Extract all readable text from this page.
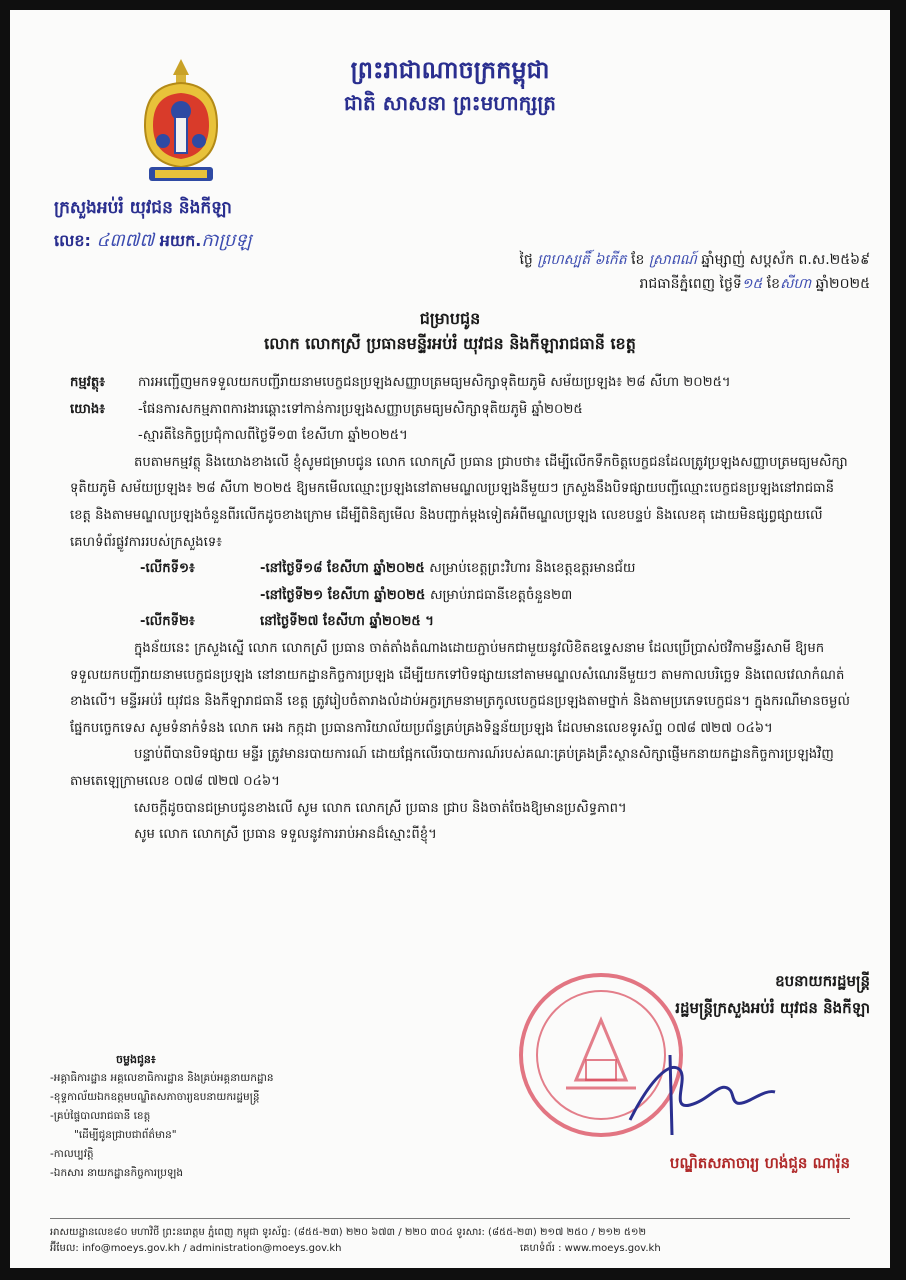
ព្រះរាជាណាចក្រកម្ពុជា
ជាតិ សាសនា ព្រះមហាក្សត្រ
ក្រសួងអប់រំ យុវជន និងកីឡា
លេខ: ៤៣៧៧ អយក.កាប្រឡ
ថ្ងៃ ព្រហស្បតិ៍ ៦កើត ខែ ស្រាពណ៍ ឆ្នាំម្សាញ់ សប្តស័ក ព.ស.២៥៦៩
រាជធានីភ្នំពេញ ថ្ងៃទី១៥ ខែសីហា ឆ្នាំ២០២៥
ជម្រាបជូន
លោក លោកស្រី ប្រធានមន្ទីរអប់រំ យុវជន និងកីឡារាជធានី ខេត្ត
កម្មវត្ថុ៖	ការអញ្ជើញមកទទួលយកបញ្ជីរាយនាមបេក្ខជនប្រឡងសញ្ញាបត្រមធ្យមសិក្សាទុតិយភូមិ សម័យប្រឡង៖ ២៨ សីហា ២០២៥។
យោង៖	-ផែនការសកម្មភាពការងារឆ្ពោះទៅកាន់ការប្រឡងសញ្ញាបត្រមធ្យមសិក្សាទុតិយភូមិ ឆ្នាំ២០២៥
-ស្មារតីនៃកិច្ចប្រជុំកាលពីថ្ងៃទី១៣ ខែសីហា ឆ្នាំ២០២៥។

តបតាមកម្មវត្ថុ និងយោងខាងលើ ខ្ញុំសូមជម្រាបជូន លោក លោកស្រី ប្រធាន ជ្រាបថា៖ ដើម្បីលើកទឹកចិត្តបេក្ខជនដែលត្រូវប្រឡងសញ្ញាបត្រមធ្យមសិក្សាទុតិយភូមិ សម័យប្រឡង៖ ២៨ សីហា ២០២៥ ឱ្យមកមើលឈ្មោះប្រឡងនៅតាមមណ្ឌលប្រឡងនីមួយៗ ក្រសួងនឹងបិទផ្សាយបញ្ជីឈ្មោះបេក្ខជនប្រឡងនៅរាជធានី ខេត្ត និងតាមមណ្ឌលប្រឡងចំនួនពីរលើកដូចខាងក្រោម ដើម្បីពិនិត្យមើល និងបញ្ជាក់ម្តងទៀតអំពីមណ្ឌលប្រឡង លេខបន្ទប់ និងលេខតុ ដោយមិនផ្សព្វផ្សាយលើគេហទំព័រផ្លូវការរបស់ក្រសួងទេ៖

-លើកទី១៖	-នៅថ្ងៃទី១៨ ខែសីហា ឆ្នាំ២០២៥ សម្រាប់ខេត្តព្រះវិហារ និងខេត្តឧត្តរមានជ័យ
-នៅថ្ងៃទី២១ ខែសីហា ឆ្នាំ២០២៥ សម្រាប់រាជធានីខេត្តចំនួន២៣
-លើកទី២៖	នៅថ្ងៃទី២៧ ខែសីហា ឆ្នាំ២០២៥ ។

ក្នុងន័យនេះ ក្រសួងស្នើ លោក លោកស្រី ប្រធាន ចាត់តាំងតំណាងដោយភ្ជាប់មកជាមួយនូវលិខិតឧទ្ទេសនាម ដែលប្រើប្រាស់ថវិកាមន្ទីរសាមី ឱ្យមកទទួលយកបញ្ជីរាយនាមបេក្ខជនប្រឡង នៅនាយកដ្ឋានកិច្ចការប្រឡង ដើម្បីយកទៅបិទផ្សាយនៅតាមមណ្ឌលសំណេរនីមួយៗ តាមកាលបរិច្ឆេទ និងពេលវេលាកំណត់ខាងលើ។ មន្ទីរអប់រំ យុវជន និងកីឡារាជធានី ខេត្ត ត្រូវរៀបចំតារាងលំដាប់អក្ខរក្រមនាមត្រកូលបេក្ខជនប្រឡងតាមថ្នាក់ និងតាមប្រភេទបេក្ខជន។ ក្នុងករណីមានចម្ងល់ផ្នែកបច្ចេកទេស សូមទំនាក់ទំនង លោក អេង កក្កដា ប្រធានការិយាល័យប្រព័ន្ធគ្រប់គ្រងទិន្នន័យប្រឡង ដែលមានលេខទូរស័ព្ទ ០៧៨ ៧២៧ ០៤៦។

បន្ទាប់ពីបានបិទផ្សាយ មន្ទីរ ត្រូវមានរបាយការណ៍ ដោយផ្អែកលើរបាយការណ៍របស់គណៈគ្រប់គ្រងគ្រឹះស្ថានសិក្សាផ្ញើមកនាយកដ្ឋានកិច្ចការប្រឡងវិញ តាមតេឡេក្រាមលេខ ០៧៨ ៧២៧ ០៤៦។

សេចក្តីដូចបានជម្រាបជូនខាងលើ សូម លោក លោកស្រី ប្រធាន ជ្រាប និងចាត់ចែងឱ្យមានប្រសិទ្ធភាព។

សូម លោក លោកស្រី ប្រធាន ទទួលនូវការរាប់អានដ៏ស្មោះពីខ្ញុំ។

ឧបនាយករដ្ឋមន្ត្រី
រដ្ឋមន្ត្រីក្រសួងអប់រំ យុវជន និងកីឡា
បណ្ឌិតសភាចារ្យ ហង់ជួន ណារ៉ុន
ចម្លងជូន៖
-អគ្គាធិការដ្ឋាន អគ្គលេខាធិការដ្ឋាន និងគ្រប់អគ្គនាយកដ្ឋាន
-ខុទ្ទកាល័យឯកឧត្តមបណ្ឌិតសភាចារ្យឧបនាយករដ្ឋមន្ត្រី
-គ្រប់ផ្ទៃបាលរាជធានី ខេត្ត
"ដើម្បីជូនជ្រាបជាព័ត៌មាន"
-កាលប្បវត្តិ
-ឯកសារ នាយកដ្ឋានកិច្ចការប្រឡង
អាសយដ្ឋានលេខ៨០ មហាវិថី ព្រះនរោត្តម ភ្នំពេញ កម្ពុជា ទូរស័ព្ទ: (៨៥៥-២៣) ២២០ ៦៧៣ / ២២០ ៣០៤ ទូរសារ: (៨៥៥-២៣) ២១៧ ២៥០ / ២១២ ៥១២
អ៊ីមែល: info@moeys.gov.kh / administration@moeys.gov.kh	គេហទំព័រ : www.moeys.gov.kh
